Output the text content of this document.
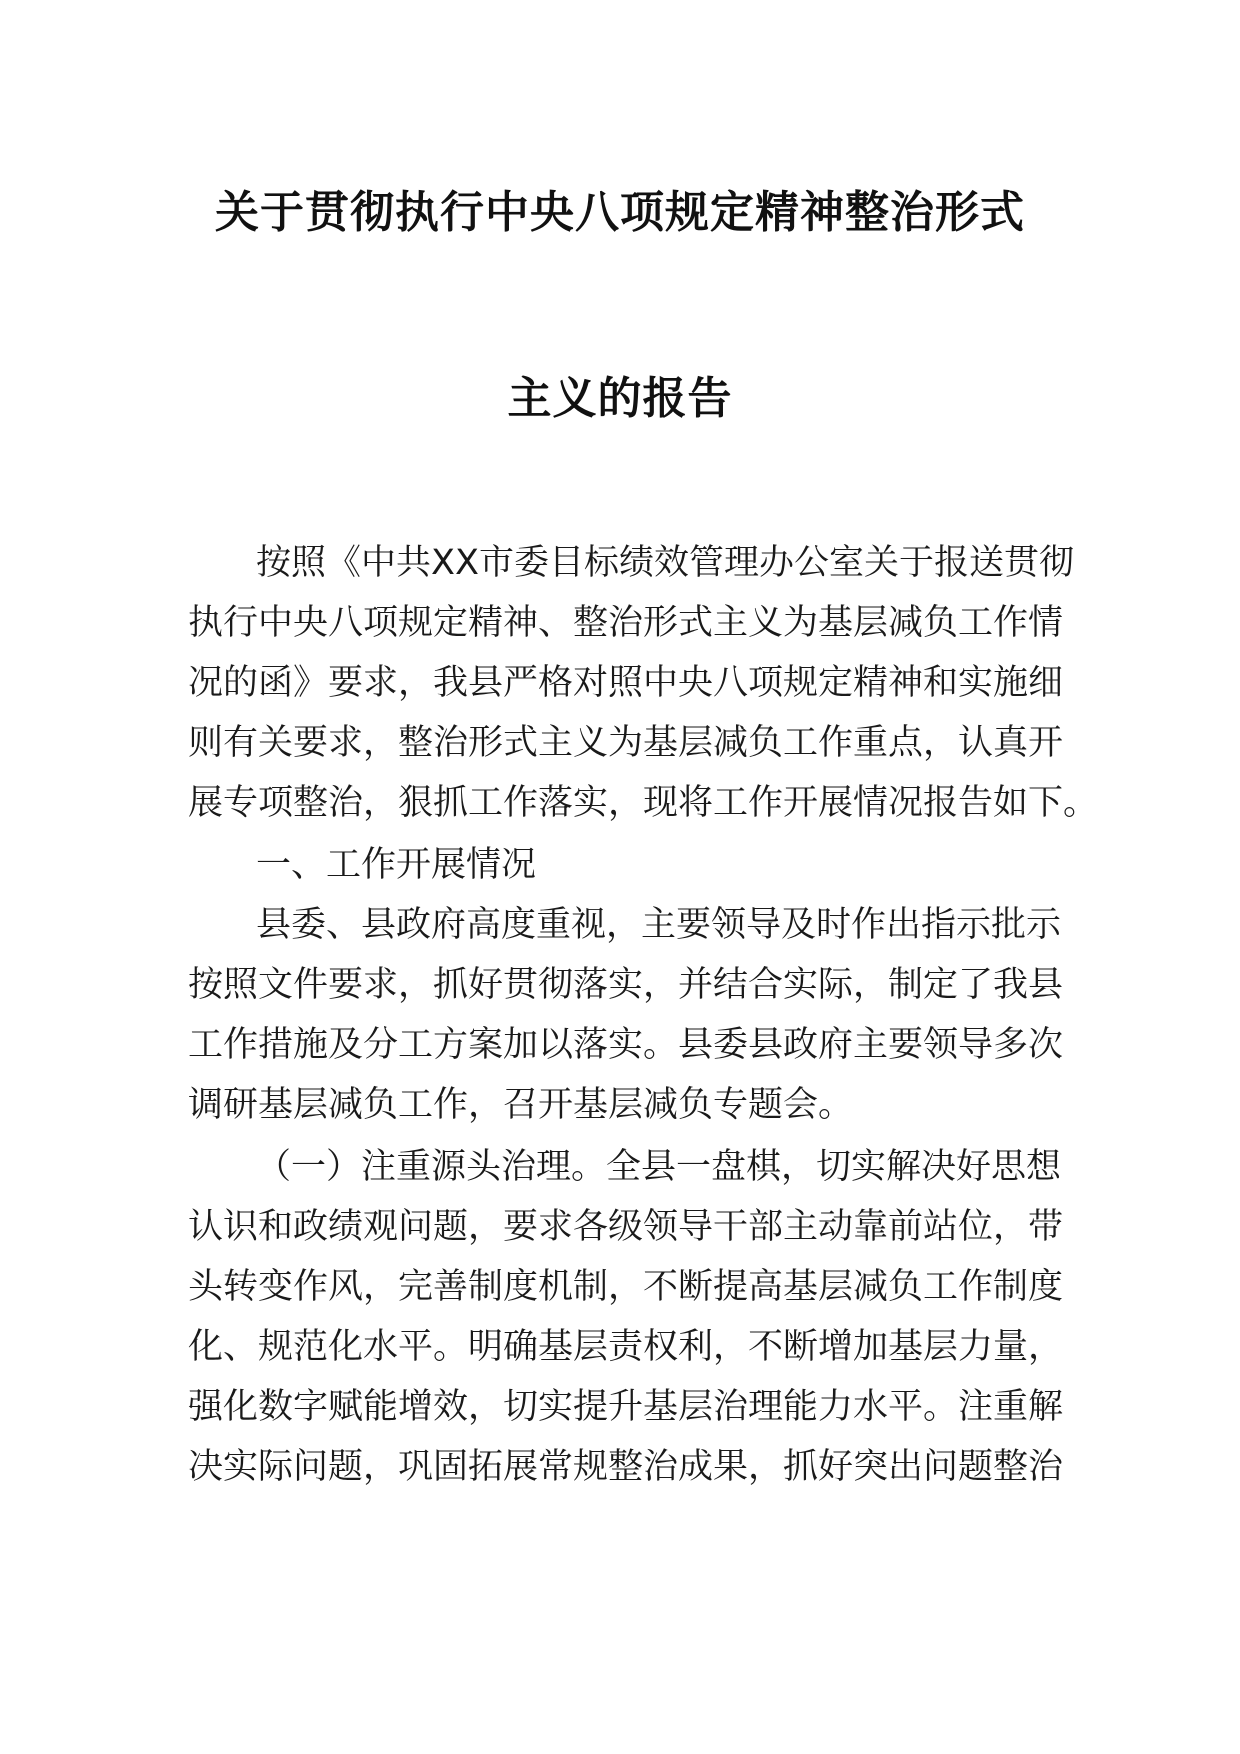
关于贯彻执行中央八项规定精神整治形式
主义的报告
按照《中共XX市委目标绩效管理办公室关于报送贯彻
执行中央八项规定精神、整治形式主义为基层减负工作情
况的函》要求，我县严格对照中央八项规定精神和实施细
则有关要求，整治形式主义为基层减负工作重点，认真开
展专项整治，狠抓工作落实，现将工作开展情况报告如下。
一、工作开展情况
县委、县政府高度重视，主要领导及时作出指示批示
按照文件要求，抓好贯彻落实，并结合实际，制定了我县
工作措施及分工方案加以落实。县委县政府主要领导多次
调研基层减负工作，召开基层减负专题会。
（一）注重源头治理。全县一盘棋，切实解决好思想
认识和政绩观问题，要求各级领导干部主动靠前站位，带
头转变作风，完善制度机制，不断提高基层减负工作制度
化、规范化水平。明确基层责权利，不断增加基层力量，
强化数字赋能增效，切实提升基层治理能力水平。注重解
决实际问题，巩固拓展常规整治成果，抓好突出问题整治
